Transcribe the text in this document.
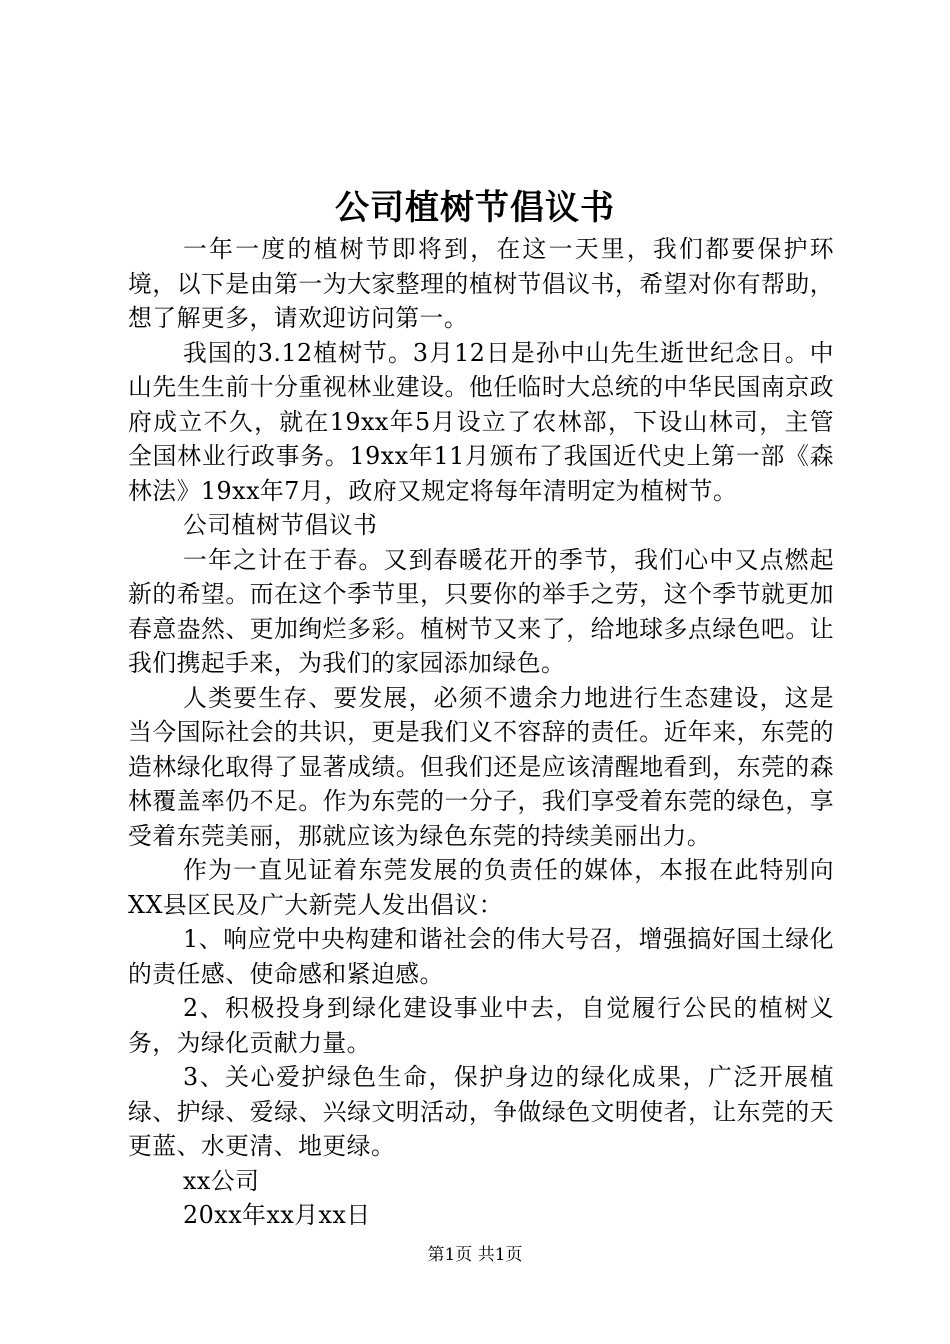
公司植树节倡议书

一年一度的植树节即将到，在这一天里，我们都要保护环境，以下是由第一为大家整理的植树节倡议书，希望对你有帮助，想了解更多，请欢迎访问第一。

我国的3.12植树节。3月12日是孙中山先生逝世纪念日。中山先生生前十分重视林业建设。他任临时大总统的中华民国南京政府成立不久，就在19xx年5月设立了农林部，下设山林司，主管全国林业行政事务。19xx年11月颁布了我国近代史上第一部《森林法》19xx年7月，政府又规定将每年清明定为植树节。

公司植树节倡议书

一年之计在于春。又到春暖花开的季节，我们心中又点燃起新的希望。而在这个季节里，只要你的举手之劳，这个季节就更加春意盎然、更加绚烂多彩。植树节又来了，给地球多点绿色吧。让我们携起手来，为我们的家园添加绿色。

人类要生存、要发展，必须不遗余力地进行生态建设，这是当今国际社会的共识，更是我们义不容辞的责任。近年来，东莞的造林绿化取得了显著成绩。但我们还是应该清醒地看到，东莞的森林覆盖率仍不足。作为东莞的一分子，我们享受着东莞的绿色，享受着东莞美丽，那就应该为绿色东莞的持续美丽出力。

作为一直见证着东莞发展的负责任的媒体，本报在此特别向XX县区民及广大新莞人发出倡议：

1、响应党中央构建和谐社会的伟大号召，增强搞好国土绿化的责任感、使命感和紧迫感。

2、积极投身到绿化建设事业中去，自觉履行公民的植树义务，为绿化贡献力量。

3、关心爱护绿色生命，保护身边的绿化成果，广泛开展植绿、护绿、爱绿、兴绿文明活动，争做绿色文明使者，让东莞的天更蓝、水更清、地更绿。

xx公司

20xx年xx月xx日

第1页 共1页
